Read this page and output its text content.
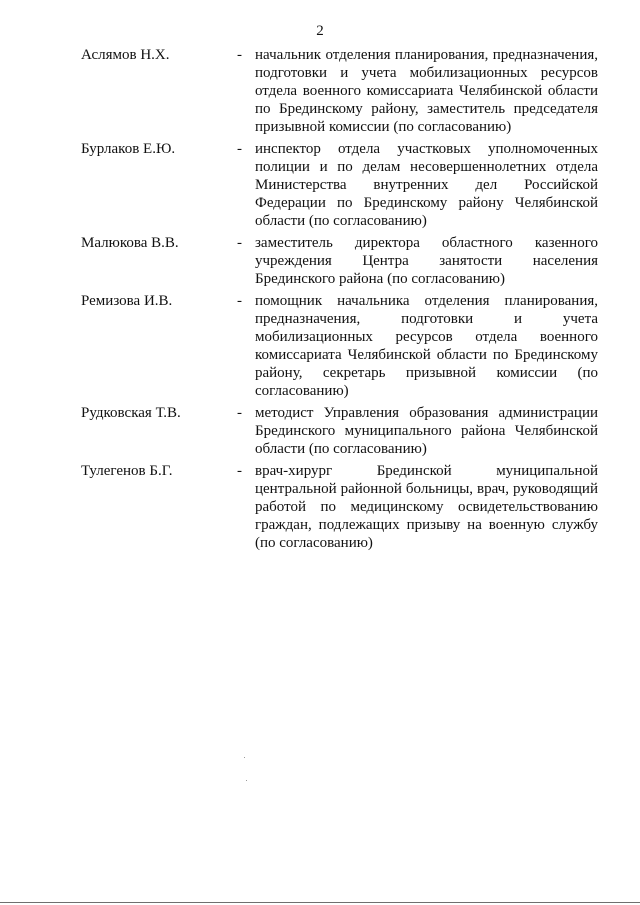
2
Аслямов Н.Х.	- начальник отделения планирования, предназначения, подготовки и учета мобилизационных ресурсов отдела военного комиссариата Челябинской области по Брединскому району, заместитель председателя призывной комиссии (по согласованию)
Бурлаков Е.Ю.	- инспектор отдела участковых уполномоченных полиции и по делам несовершеннолетних отдела Министерства внутренних дел Российской Федерации по Брединскому району Челябинской области (по согласованию)
Малюкова В.В.	- заместитель директора областного казенного учреждения Центра занятости населения Брединского района (по согласованию)
Ремизова И.В.	- помощник начальника отделения планирования, предназначения, подготовки и учета мобилизационных ресурсов отдела военного комиссариата Челябинской области по Брединскому району, секретарь призывной комиссии (по согласованию)
Рудковская Т.В.	- методист Управления образования администрации Брединского муниципального района Челябинской области (по согласованию)
Тулегенов Б.Г.	- врач-хирург Брединской муниципальной центральной районной больницы, врач, руководящий работой по медицинскому освидетельствованию граждан, подлежащих призыву на военную службу (по согласованию)
